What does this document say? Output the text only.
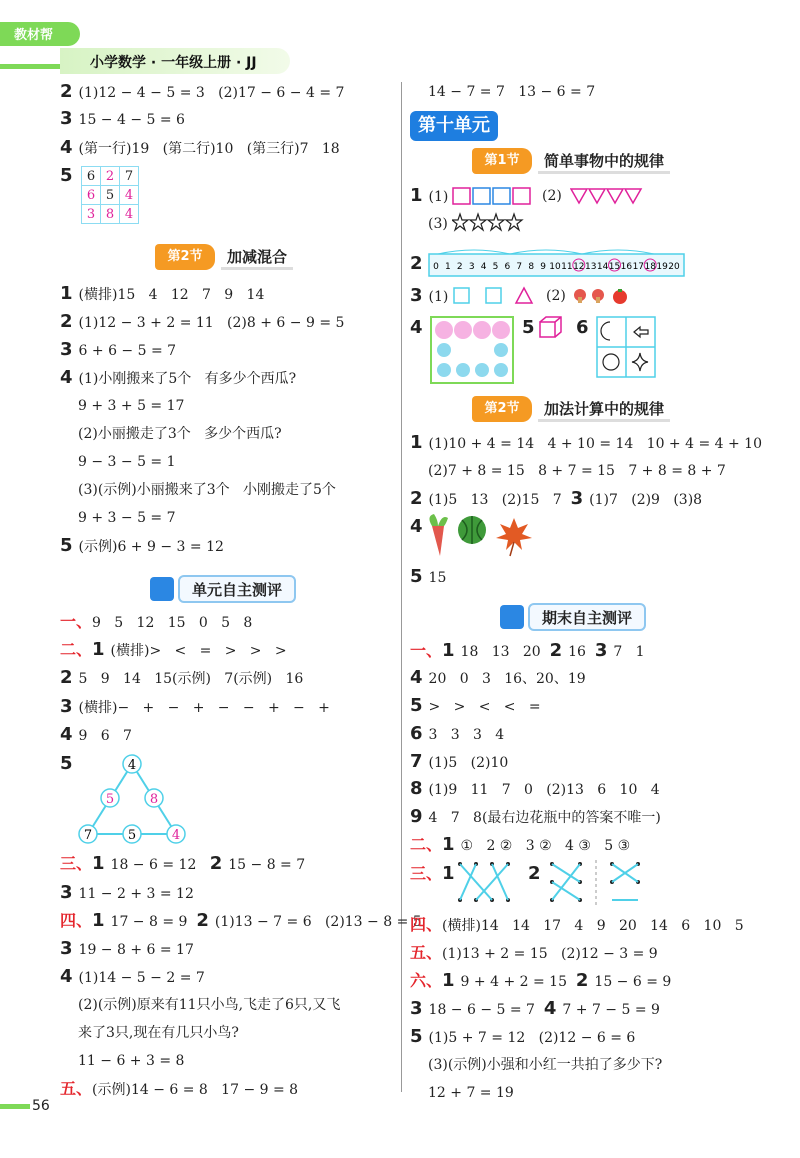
教材帮
小学数学 · 一年级上册 · JJ
2 (1)12 − 4 − 5 = 3   (2)17 − 6 − 4 = 7
3 15 − 4 − 5 = 6
4 (第一行)19   (第二行)10   (第三行)7   18
5	6	2	7
6	5	4
3	8	4
第2节	加减混合
1 (横排)15   4   12   7   9   14
2 (1)12 − 3 + 2 = 11   (2)8 + 6 − 9 = 5
3 6 + 6 − 5 = 7
4 (1)小刚搬来了5个   有多少个西瓜?
9 + 3 + 5 = 17
(2)小丽搬走了3个   多少个西瓜?
9 − 3 − 5 = 1
(3)(示例)小丽搬来了3个   小刚搬走了5个
9 + 3 − 5 = 7
5 (示例)6 + 9 − 3 = 12
单元自主测评
一、9   5   12   15   0   5   8
二、1 (横排)>   <   =   >   >   >
2 5   9   14   15(示例)   7(示例)   16
3 (横排)−   +   −   +   −   −   +   −   +
4 9   6   7
5	4
5	8
7	5	4
三、1 18 − 6 = 12 2 15 − 8 = 7
3 11 − 2 + 3 = 12
四、1 17 − 8 = 9 2 (1)13 − 7 = 6   (2)13 − 8 = 5
3 19 − 8 + 6 = 17
4 (1)14 − 5 − 2 = 7
(2)(示例)原来有11只小鸟,飞走了6只,又飞
来了3只,现在有几只小鸟?
11 − 6 + 3 = 8
五、(示例)14 − 6 = 8   17 − 9 = 8
14 − 7 = 7   13 − 6 = 7
第十单元
第1节	简单事物中的规律
1 (1)	(2)
(3)
2	0 1 2 3 4 5 6 7 8 9 10 11 12 13 14 15 16 17 18 19 20
3 (1)	(2)
4	5	6
第2节	加法计算中的规律
1 (1)10 + 4 = 14   4 + 10 = 14   10 + 4 = 4 + 10
(2)7 + 8 = 15   8 + 7 = 15   7 + 8 = 8 + 7
2 (1)5   13   (2)15   7 3 (1)7   (2)9   (3)8
4
5 15
期末自主测评
一、1 18   13   20 2 16 3 7   1
4 20   0   3   16、20、19
5 >   >   <   <   =
6 3   3   3   4
7 (1)5   (2)10
8 (1)9   11   7   0   (2)13   6   10   4
9 4   7   8(最右边花瓶中的答案不唯一)
二、1 ①   2 ②   3 ②   4 ③   5 ③
三、1	2
四、(横排)14   14   17   4   9   20   14   6   10   5
五、(1)13 + 2 = 15   (2)12 − 3 = 9
六、1 9 + 4 + 2 = 15 2 15 − 6 = 9
3 18 − 6 − 5 = 7 4 7 + 7 − 5 = 9
5 (1)5 + 7 = 12   (2)12 − 6 = 6
(3)(示例)小强和小红一共拍了多少下?
12 + 7 = 19
56
